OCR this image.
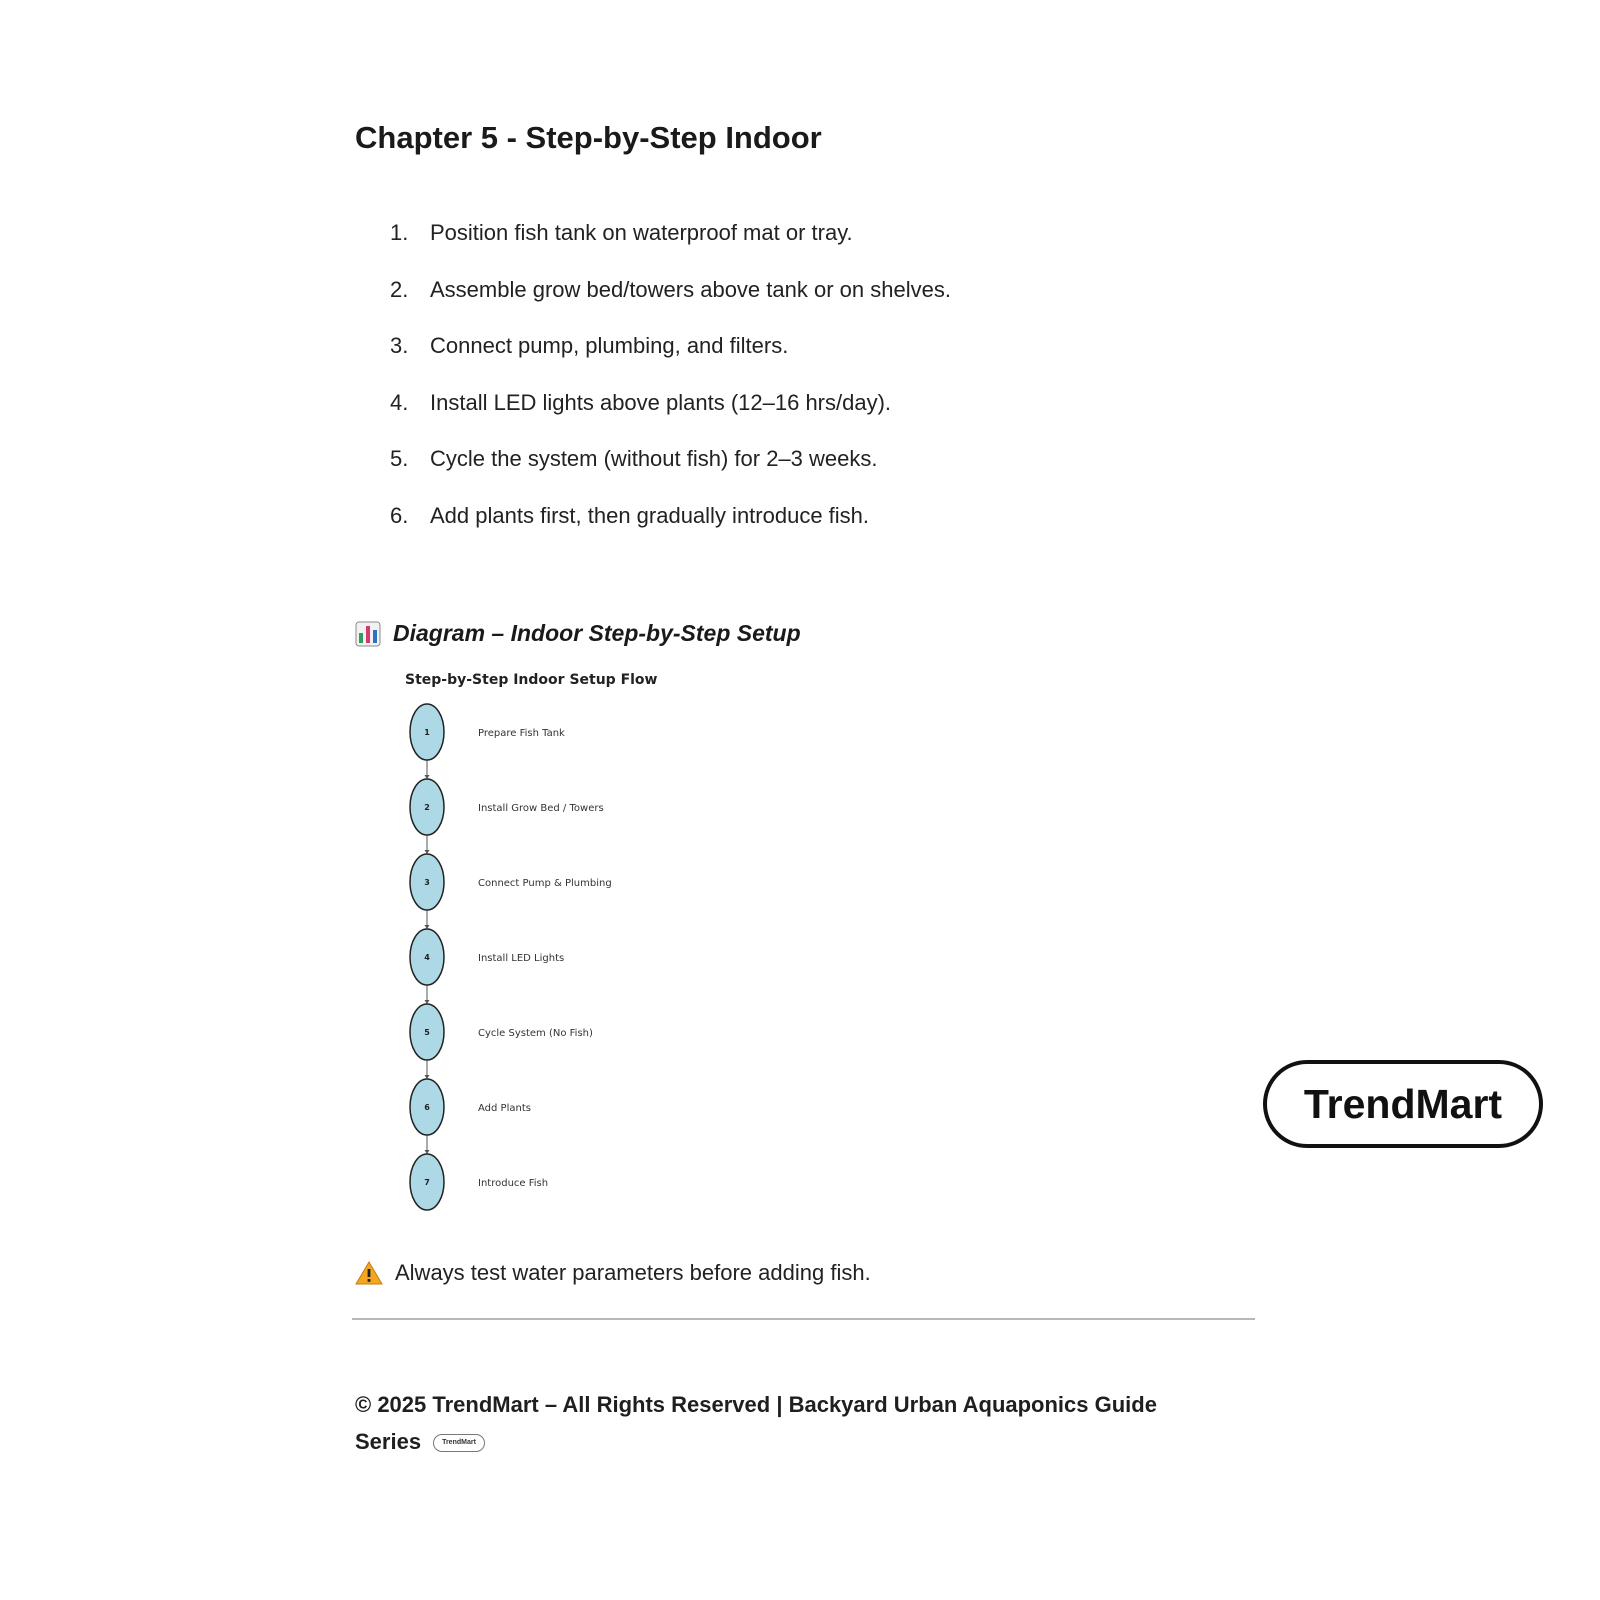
Chapter 5 - Step-by-Step Indoor
1. Position fish tank on waterproof mat or tray.
2. Assemble grow bed/towers above tank or on shelves.
3. Connect pump, plumbing, and filters.
4. Install LED lights above plants (12–16 hrs/day).
5. Cycle the system (without fish) for 2–3 weeks.
6. Add plants first, then gradually introduce fish.
Diagram – Indoor Step-by-Step Setup
Step-by-Step Indoor Setup Flow
1	Prepare Fish Tank
2	Install Grow Bed / Towers
3	Connect Pump & Plumbing
4	Install LED Lights
5	Cycle System (No Fish)
6	Add Plants
7	Introduce Fish
Always test water parameters before adding fish.
© 2025 TrendMart – All Rights Reserved | Backyard Urban Aquaponics Guide
Series	TrendMart
TrendMart
